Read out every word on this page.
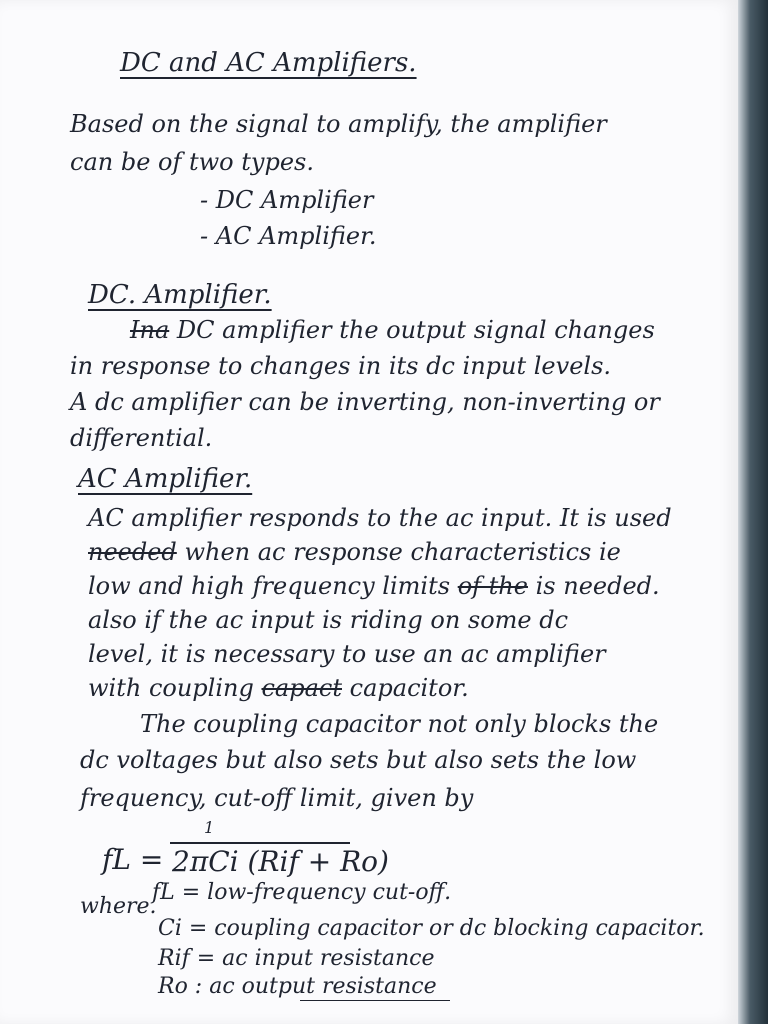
DC and AC Amplifiers.
Based on the signal to amplify, the amplifier
can be of two types.
- DC Amplifier
- AC Amplifier.
DC. Amplifier.
Ina DC amplifier the output signal changes
in response to changes in its dc input levels.
A dc amplifier can be inverting, non-inverting or
differential.
AC Amplifier.
AC amplifier responds to the ac input. It is used
needed when ac response characteristics ie
low and high frequency limits of the is needed.
also if the ac input is riding on some dc
level, it is necessary to use an ac amplifier
with coupling capact capacitor.
The coupling capacitor not only blocks the
dc voltages but also sets but also sets the low
frequency, cut-off limit, given by
fL =
1
2πCi (Rif + Ro)
where.
fL = low-frequency cut-off.
Ci = coupling capacitor or dc blocking capacitor.
Rif = ac input resistance
Ro : ac output resistance
